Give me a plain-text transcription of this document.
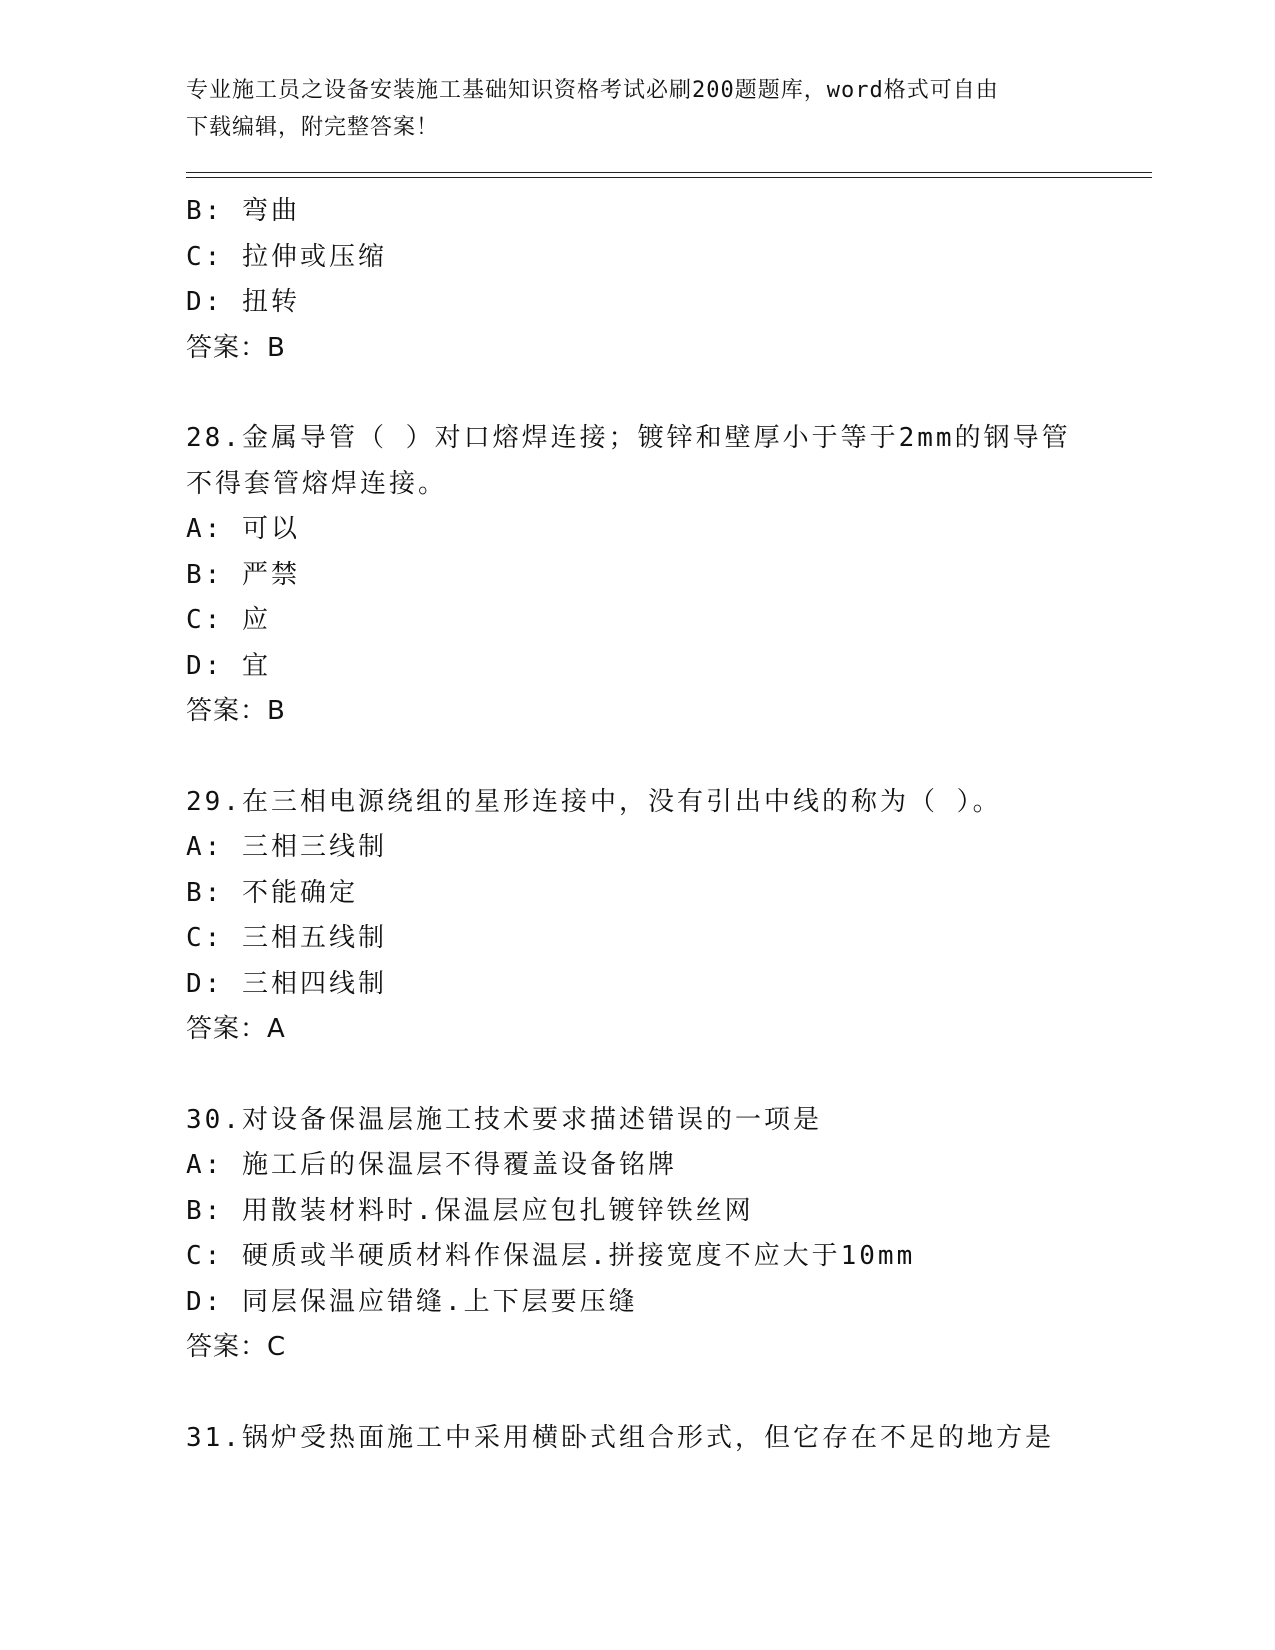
专业施工员之设备安装施工基础知识资格考试必刷200题题库，word格式可自由
下载编辑，附完整答案！
B: 弯曲
C: 拉伸或压缩
D: 扭转
答案：B
28.金属导管（ ）对口熔焊连接；镀锌和壁厚小于等于2mm的钢导管
不得套管熔焊连接。
A: 可以
B: 严禁
C: 应
D: 宜
答案：B
29.在三相电源绕组的星形连接中，没有引出中线的称为（ ）。
A: 三相三线制
B: 不能确定
C: 三相五线制
D: 三相四线制
答案：A
30.对设备保温层施工技术要求描述错误的一项是
A: 施工后的保温层不得覆盖设备铭牌
B: 用散装材料时.保温层应包扎镀锌铁丝网
C: 硬质或半硬质材料作保温层.拼接宽度不应大于10mm
D: 同层保温应错缝.上下层要压缝
答案：C
31.锅炉受热面施工中采用横卧式组合形式，但它存在不足的地方是
